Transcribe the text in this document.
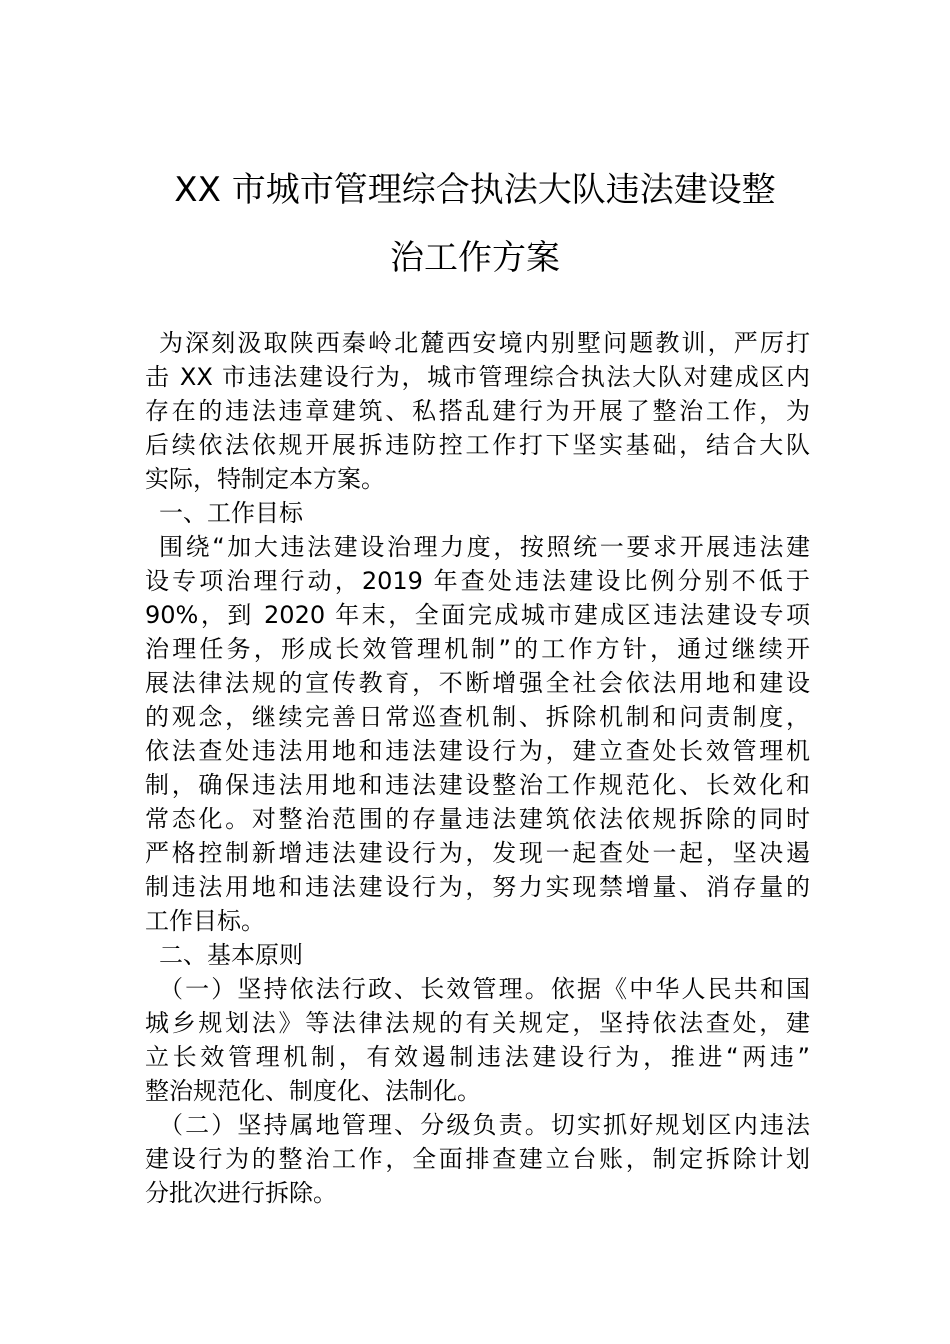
XX 市城市管理综合执法大队违法建设整
治工作方案
为深刻汲取陕西秦岭北麓西安境内别墅问题教训，严厉打
击 XX 市违法建设行为，城市管理综合执法大队对建成区内
存在的违法违章建筑、私搭乱建行为开展了整治工作，为
后续依法依规开展拆违防控工作打下坚实基础，结合大队
实际，特制定本方案。
一、工作目标
围绕“加大违法建设治理力度，按照统一要求开展违法建
设专项治理行动，2019 年查处违法建设比例分别不低于
90%，到 2020 年末，全面完成城市建成区违法建设专项
治理任务，形成长效管理机制”的工作方针，通过继续开
展法律法规的宣传教育，不断增强全社会依法用地和建设
的观念，继续完善日常巡查机制、拆除机制和问责制度，
依法查处违法用地和违法建设行为，建立查处长效管理机
制，确保违法用地和违法建设整治工作规范化、长效化和
常态化。对整治范围的存量违法建筑依法依规拆除的同时
严格控制新增违法建设行为，发现一起查处一起，坚决遏
制违法用地和违法建设行为，努力实现禁增量、消存量的
工作目标。
二、基本原则
（一）坚持依法行政、长效管理。依据《中华人民共和国
城乡规划法》等法律法规的有关规定，坚持依法查处，建
立长效管理机制，有效遏制违法建设行为，推进“两违”
整治规范化、制度化、法制化。
（二）坚持属地管理、分级负责。切实抓好规划区内违法
建设行为的整治工作，全面排查建立台账，制定拆除计划
分批次进行拆除。
